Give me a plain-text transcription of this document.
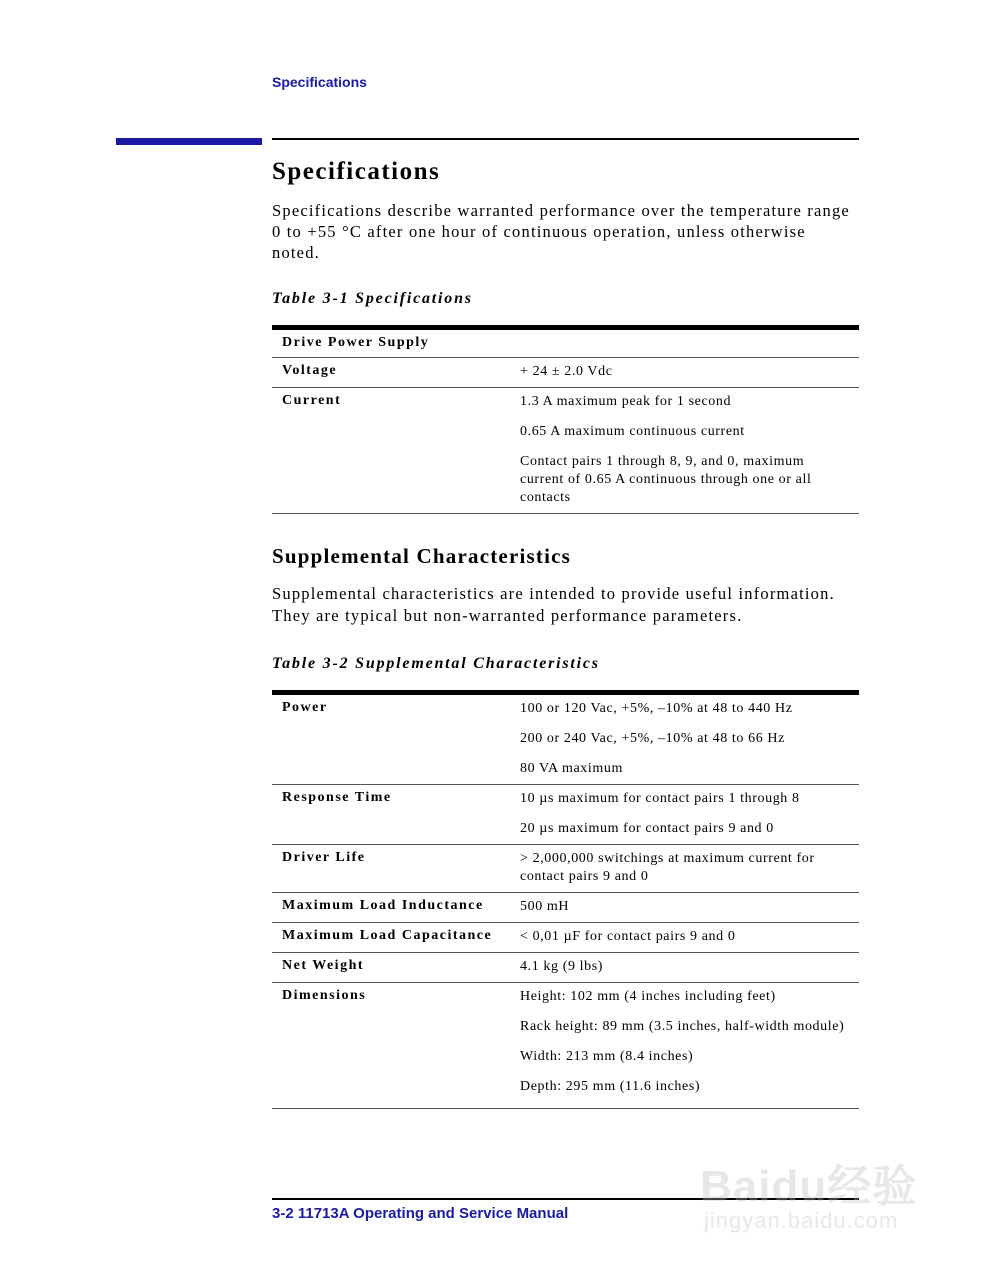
Specifications
Specifications

Specifications describe warranted performance over the temperature range 0 to +55 °C after one hour of continuous operation, unless otherwise noted.

Table 3-1 Specifications

Drive Power Supply	
Voltage	+ 24 ± 2.0 Vdc

Current	1.3 A maximum peak for 1 second

0.65 A maximum continuous current

Contact pairs 1 through 8, 9, and 0, maximum current of 0.65 A continuous through one or all contacts

Supplemental Characteristics

Supplemental characteristics are intended to provide useful information. They are typical but non-warranted performance parameters.

Table 3-2 Supplemental Characteristics

Power	100 or 120 Vac, +5%, –10% at 48 to 440 Hz

200 or 240 Vac, +5%, –10% at 48 to 66 Hz

80 VA maximum

Response Time	10 µs maximum for contact pairs 1 through 8

20 µs maximum for contact pairs 9 and 0

Driver Life	> 2,000,000 switchings at maximum current for contact pairs 9 and 0

Maximum Load Inductance	500 mH

Maximum Load Capacitance	< 0,01 µF for contact pairs 9 and 0

Net Weight	4.1 kg (9 lbs)

Dimensions	Height: 102 mm (4 inches including feet)

Rack height: 89 mm (3.5 inches, half-width module)

Width: 213 mm (8.4 inches)

Depth: 295 mm (11.6 inches)

3-2 11713A Operating and Service Manual
Baidu经验
jingyan.baidu.com
